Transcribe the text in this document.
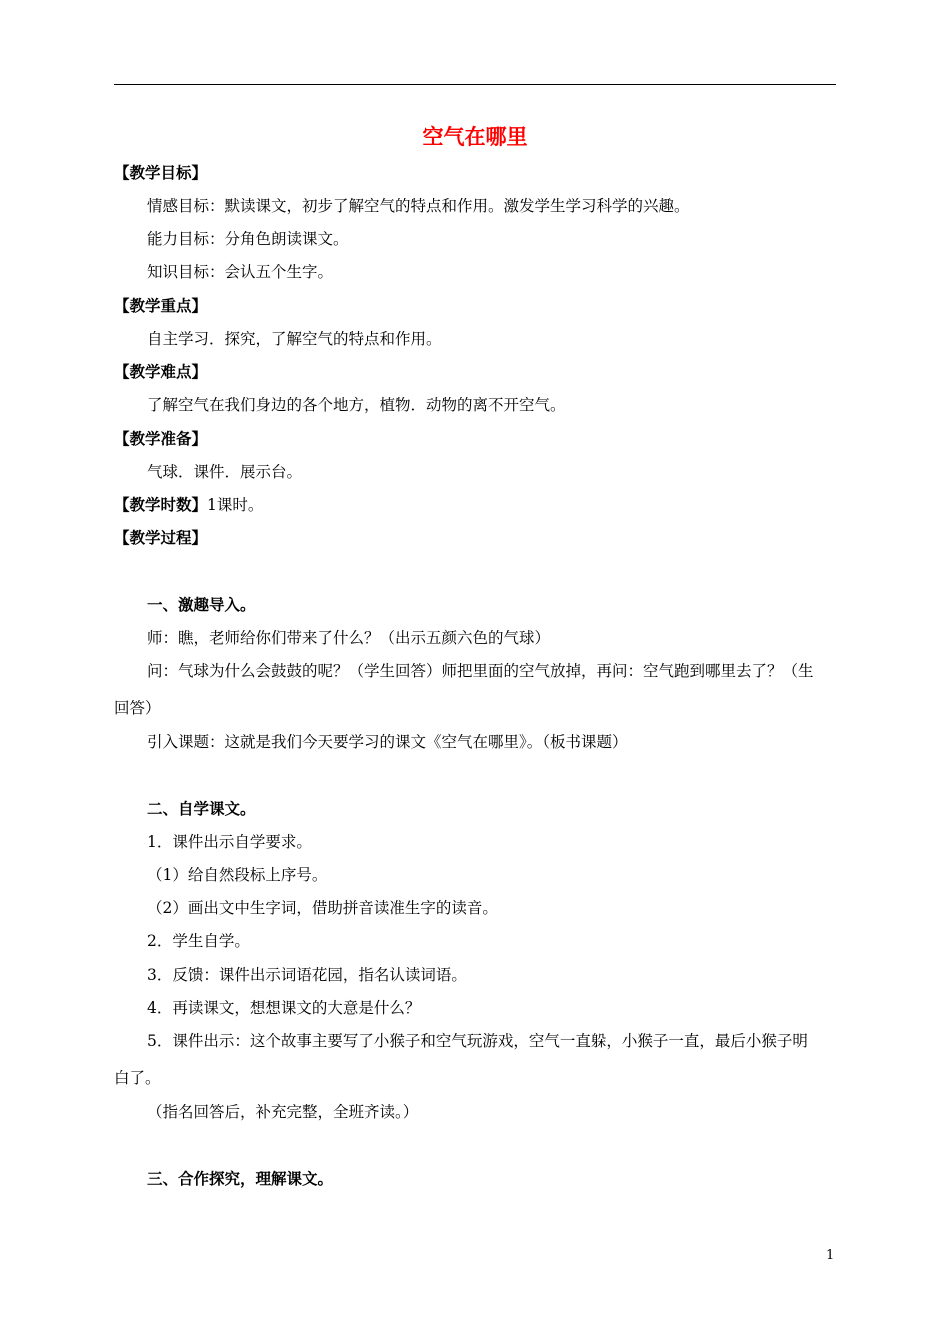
空气在哪里
【教学目标】
情感目标：默读课文，初步了解空气的特点和作用。激发学生学习科学的兴趣。
能力目标：分角色朗读课文。
知识目标：会认五个生字。
【教学重点】
自主学习．探究，了解空气的特点和作用。
【教学难点】
了解空气在我们身边的各个地方，植物．动物的离不开空气。
【教学准备】
气球．课件．展示台。
【教学时数】1课时。
【教学过程】
一、激趣导入。
师：瞧，老师给你们带来了什么？（出示五颜六色的气球）
问：气球为什么会鼓鼓的呢？（学生回答）师把里面的空气放掉，再问：空气跑到哪里去了？（生
回答）
引入课题：这就是我们今天要学习的课文《空气在哪里》。（板书课题）
二、自学课文。
1．课件出示自学要求。
（1）给自然段标上序号。
（2）画出文中生字词，借助拼音读准生字的读音。
2．学生自学。
3．反馈：课件出示词语花园，指名认读词语。
4．再读课文，想想课文的大意是什么？
5．课件出示：这个故事主要写了小猴子和空气玩游戏，空气一直躲，小猴子一直，最后小猴子明
白了。
（指名回答后，补充完整，全班齐读。）
三、合作探究，理解课文。
1
